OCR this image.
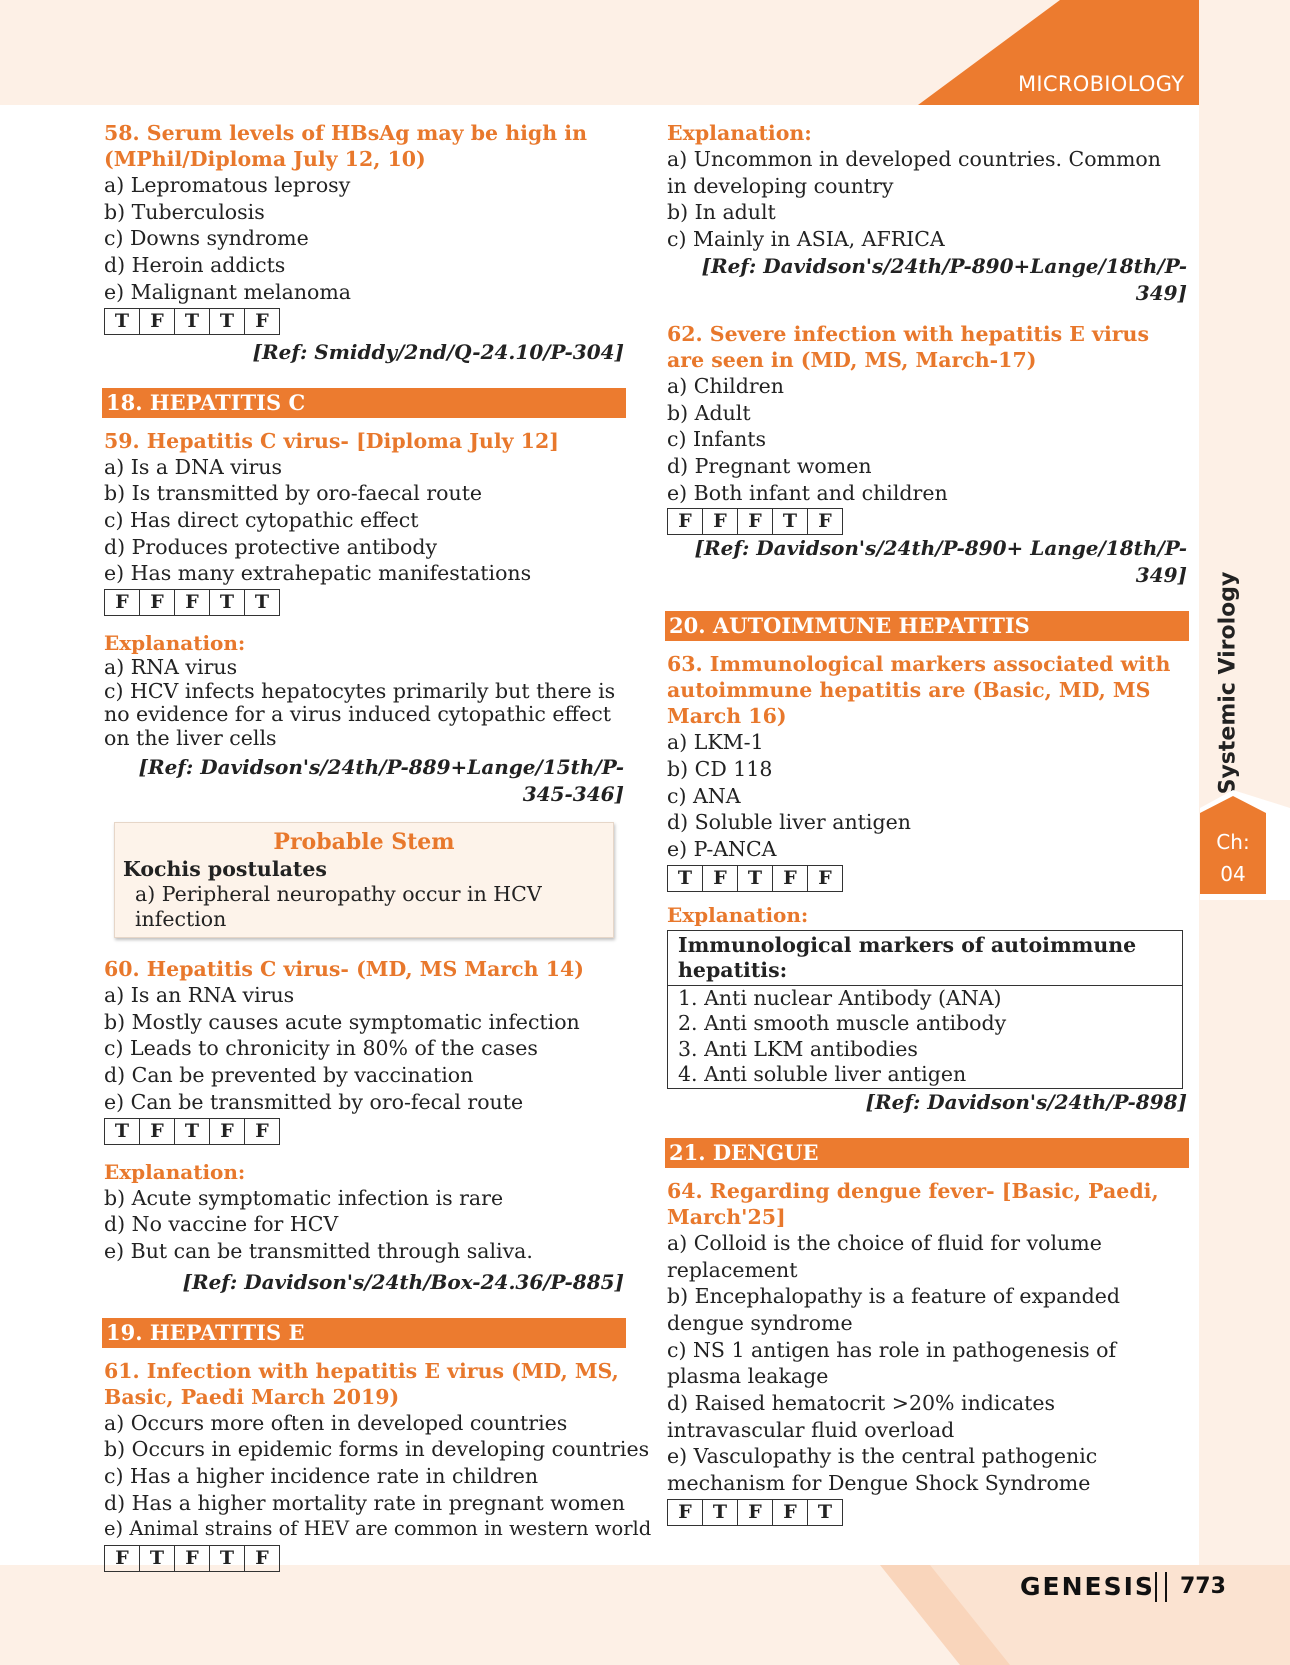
MICROBIOLOGY
Systemic Virology
Ch:
04
GENESIS 773
58. Serum levels of HBsAg may be high in (MPhil/Diploma July 12, 10)

a) Lepromatous leprosy

b) Tuberculosis

c) Downs syndrome

d) Heroin addicts

e) Malignant melanoma

T	F	T	T	F
[Ref: Smiddy/2nd/Q-24.10/P-304]
18. HEPATITIS C
59. Hepatitis C virus- [Diploma July 12]

a) Is a DNA virus

b) Is transmitted by oro-faecal route

c) Has direct cytopathic effect

d) Produces protective antibody

e) Has many extrahepatic manifestations

F	F	F	T	T
Explanation:

a) RNA virus

c) HCV infects hepatocytes primarily but there is no evidence for a virus induced cytopathic effect on the liver cells

[Ref: Davidson's/24th/P-889+Lange/15th/P-345-346]
Probable Stem
Kochis postulates
a) Peripheral neuropathy occur in HCV infection
60. Hepatitis C virus- (MD, MS March 14)

a) Is an RNA virus

b) Mostly causes acute symptomatic infection

c) Leads to chronicity in 80% of the cases

d) Can be prevented by vaccination

e) Can be transmitted by oro-fecal route

T	F	T	F	F
Explanation:

b) Acute symptomatic infection is rare

d) No vaccine for HCV

e) But can be transmitted through saliva.

[Ref: Davidson's/24th/Box-24.36/P-885]
19. HEPATITIS E
61. Infection with hepatitis E virus (MD, MS, Basic, Paedi March 2019)

a) Occurs more often in developed countries

b) Occurs in epidemic forms in developing countries

c) Has a higher incidence rate in children

d) Has a higher mortality rate in pregnant women

e) Animal strains of HEV are common in western world

F	T	F	T	F
Explanation:

a) Uncommon in developed countries. Common in developing country

b) In adult

c) Mainly in ASIA, AFRICA

[Ref: Davidson's/24th/P-890+Lange/18th/P-349]
62. Severe infection with hepatitis E virus are seen in (MD, MS, March-17)

a) Children

b) Adult

c) Infants

d) Pregnant women

e) Both infant and children

F	F	F	T	F
[Ref: Davidson's/24th/P-890+ Lange/18th/P-349]
20. AUTOIMMUNE HEPATITIS
63. Immunological markers associated with autoimmune hepatitis are (Basic, MD, MS March 16)

a) LKM-1

b) CD 118

c) ANA

d) Soluble liver antigen

e) P-ANCA

T	F	T	F	F
Explanation:
Immunological markers of autoimmune hepatitis:
1. Anti nuclear Antibody (ANA)
2. Anti smooth muscle antibody
3. Anti LKM antibodies
4. Anti soluble liver antigen
[Ref: Davidson's/24th/P-898]
21. DENGUE
64. Regarding dengue fever- [Basic, Paedi, March'25]

a) Colloid is the choice of fluid for volume replacement

b) Encephalopathy is a feature of expanded dengue syndrome

c) NS 1 antigen has role in pathogenesis of plasma leakage

d) Raised hematocrit >20% indicates intravascular fluid overload

e) Vasculopathy is the central pathogenic mechanism for Dengue Shock Syndrome

F	T	F	F	T
